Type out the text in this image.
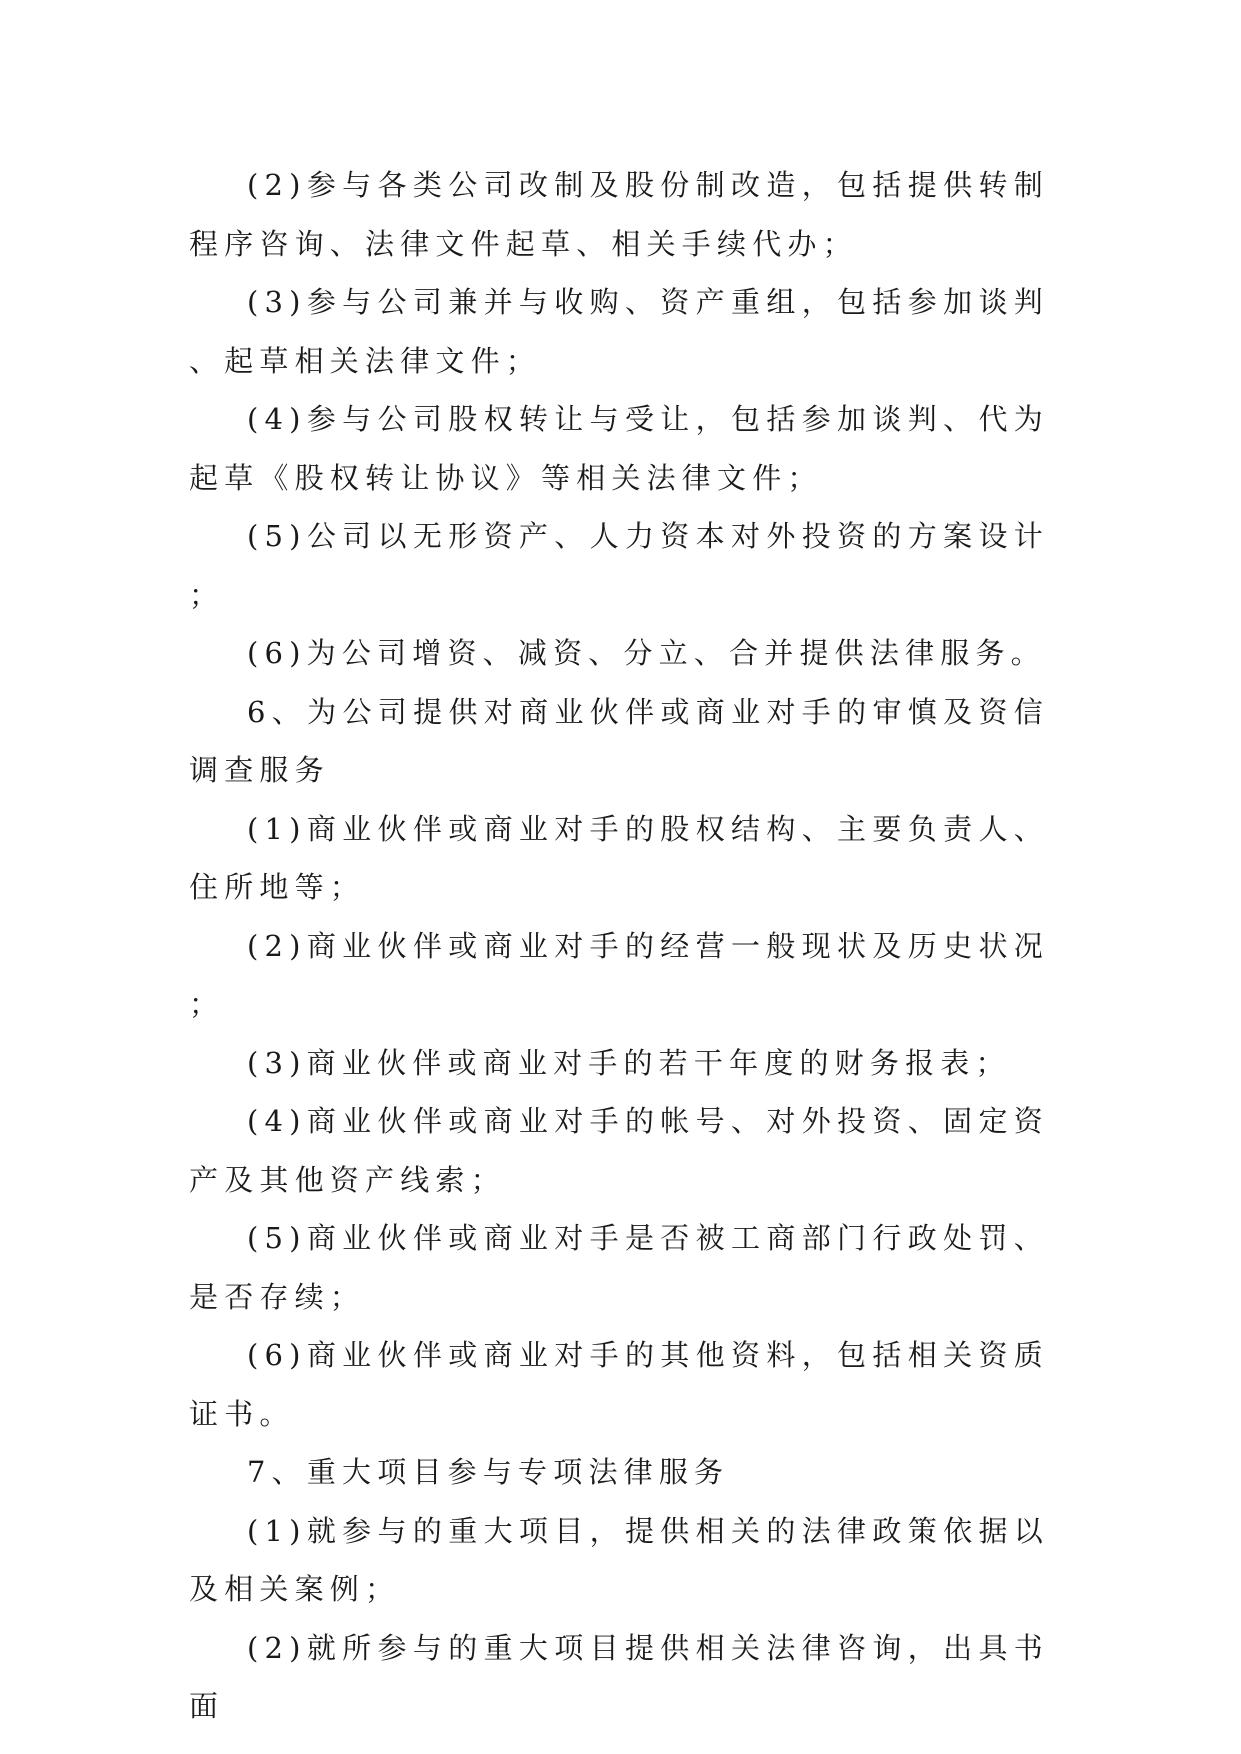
(2)参与各类公司改制及股份制改造，包括提供转制程序咨询、法律文件起草、相关手续代办；

(3)参与公司兼并与收购、资产重组，包括参加谈判、起草相关法律文件；

(4)参与公司股权转让与受让，包括参加谈判、代为起草《股权转让协议》等相关法律文件；

(5)公司以无形资产、人力资本对外投资的方案设计；

(6)为公司增资、减资、分立、合并提供法律服务。

6、为公司提供对商业伙伴或商业对手的审慎及资信调查服务

(1)商业伙伴或商业对手的股权结构、主要负责人、住所地等；

(2)商业伙伴或商业对手的经营一般现状及历史状况；

(3)商业伙伴或商业对手的若干年度的财务报表；

(4)商业伙伴或商业对手的帐号、对外投资、固定资产及其他资产线索；

(5)商业伙伴或商业对手是否被工商部门行政处罚、是否存续；

(6)商业伙伴或商业对手的其他资料，包括相关资质证书。

7、重大项目参与专项法律服务

(1)就参与的重大项目，提供相关的法律政策依据以及相关案例；

(2)就所参与的重大项目提供相关法律咨询，出具书面
